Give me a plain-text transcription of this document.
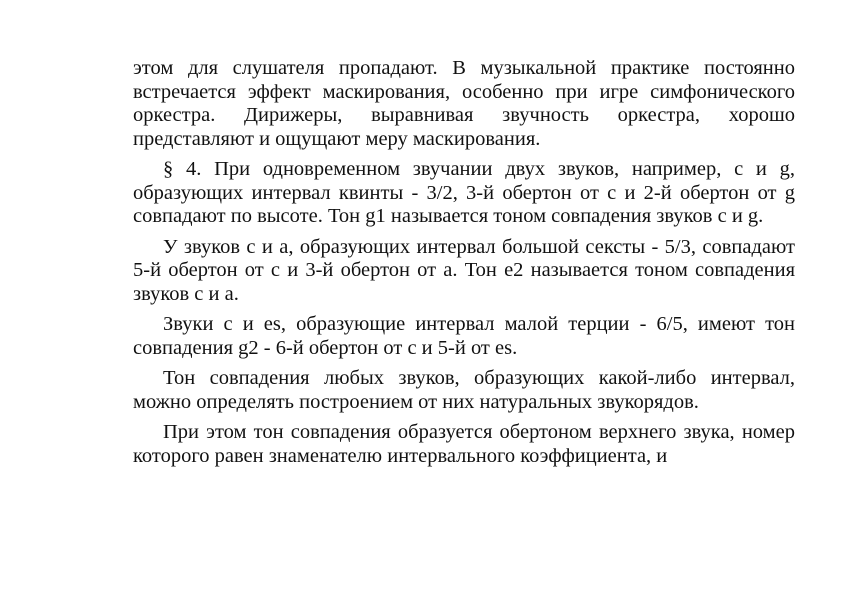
этом для слушателя пропадают. В музыкальной практике постоянно встречается эффект маскирования, особенно при игре симфонического оркестра. Дирижеры, выравнивая звучность оркестра, хорошо представляют и ощущают меру маскирования.

§ 4. При одновременном звучании двух звуков, например, с и g, образующих интервал квинты - 3/2, 3-й обертон от с и 2-й обертон от g совпадают по высоте. Тон g1 называется тоном совпадения звуков с и g.

У звуков с и а, образующих интервал большой сексты - 5/3, совпадают 5-й обертон от с и 3-й обертон от а. Тон е2 называется тоном совпадения звуков с и а.

Звуки с и es, образующие интервал малой терции - 6/5, имеют тон совпадения g2 - 6-й обертон от с и 5-й от es.

Тон совпадения любых звуков, образующих какой-либо интервал, можно определять построением от них натуральных звукорядов.

При этом тон совпадения образуется обертоном верхнего звука, номер которого равен знаменателю интервального коэффициента, и
